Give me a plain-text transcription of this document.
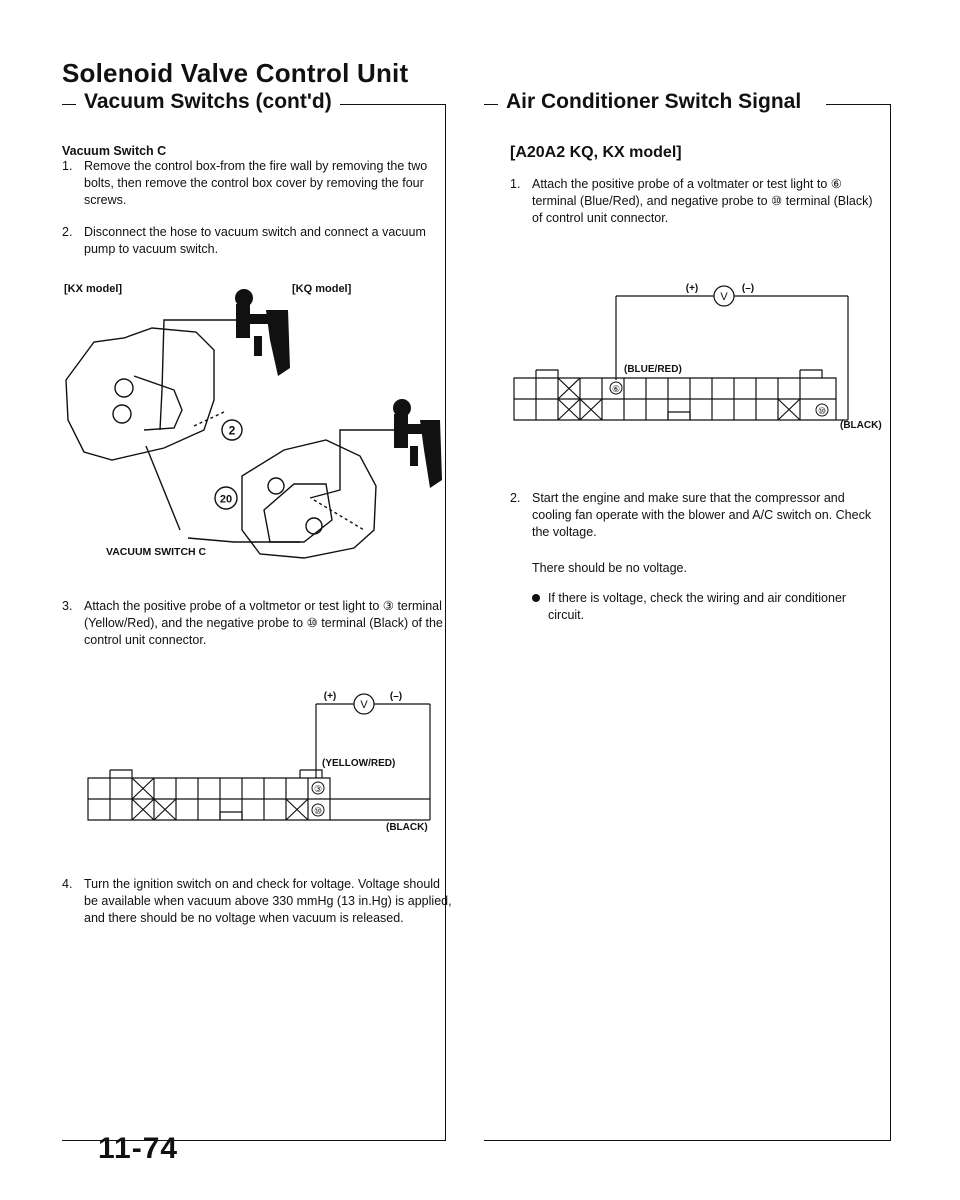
Solenoid Valve Control Unit
Vacuum Switchs (cont'd)
Vacuum Switch C
1. Remove the control box-from the fire wall by removing the two bolts, then remove the control box cover by removing the four screws.
2. Disconnect the hose to vacuum switch and connect a vacuum pump to vacuum switch.
[KX model]	[KQ model]
2
20
VACUUM SWITCH C
3. Attach the positive probe of a voltmetor or test light to ③ terminal (Yellow/Red), and the negative probe to ⑩ terminal (Black) of the control unit connector.
V
(+)	(–)
(YELLOW/RED)
③
⑩
(BLACK)
4. Turn the ignition switch on and check for voltage. Voltage should be available when vacuum above 330 mmHg (13 in.Hg) is applied, and there should be no voltage when vacuum is released.
Air Conditioner Switch Signal
[A20A2 KQ, KX model]
1. Attach the positive probe of a voltmater or test light to ⑥ terminal (Blue/Red), and negative probe to ⑩ terminal (Black) of control unit connector.
V
(+)	(–)
(BLUE/RED)
⑥
⑩
(BLACK)
2. Start the engine and make sure that the compressor and cooling fan operate with the blower and A/C switch on. Check the voltage.
There should be no voltage.
If there is voltage, check the wiring and air conditioner circuit.
11-74
